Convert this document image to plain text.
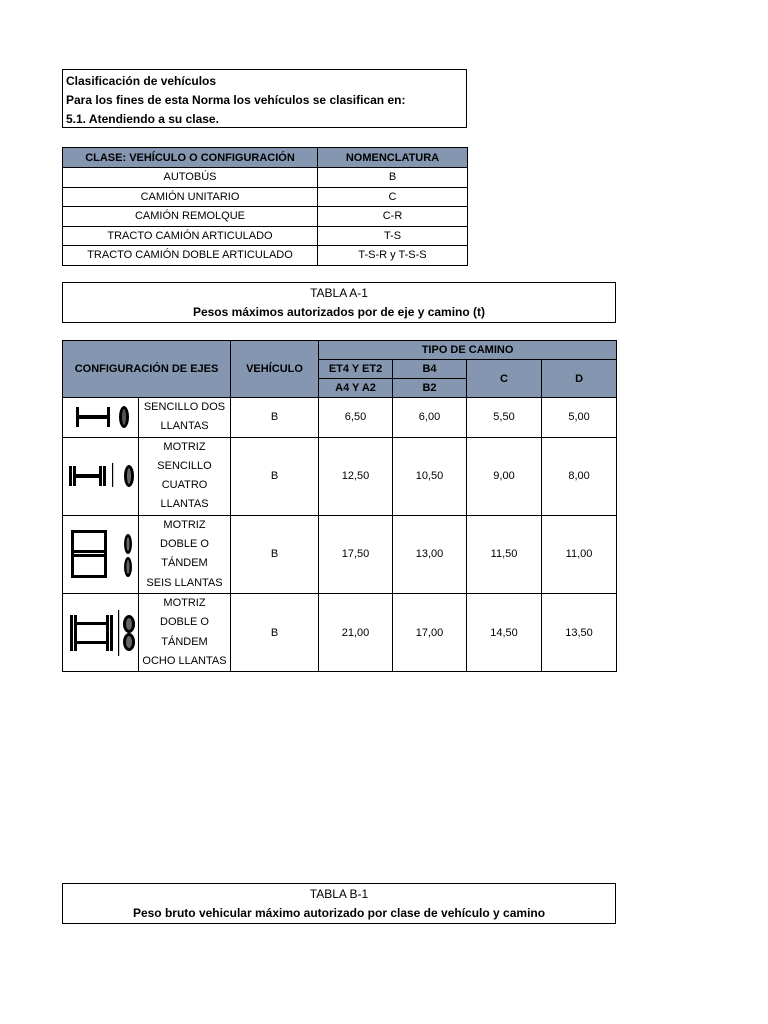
Clasificación de vehículos
Para los fines de esta Norma los vehículos se clasifican en:
5.1. Atendiendo a su clase.
CLASE: VEHÍCULO O CONFIGURACIÓN	NOMENCLATURA
AUTOBÚS	B
CAMIÓN UNITARIO	C
CAMIÓN REMOLQUE	C-R
TRACTO CAMIÓN ARTICULADO	T-S
TRACTO CAMIÓN DOBLE ARTICULADO	T-S-R y T-S-S
TABLA A-1
Pesos máximos autorizados por de eje y camino (t)
CONFIGURACIÓN DE EJES		VEHÍCULO	TIPO DE CAMINO			
			ET4 Y ET2	B4	C	D
			A4 Y A2	B2		

SENCILLO DOS
LLANTAS	B	6,50	6,00	5,50	5,00

MOTRIZ
SENCILLO
CUATRO
LLANTAS	B	12,50	10,50	9,00	8,00

MOTRIZ
DOBLE O
TÁNDEM
SEIS LLANTAS	B	17,50	13,00	11,50	11,00

MOTRIZ
DOBLE O
TÁNDEM
OCHO LLANTAS	B	21,00	17,00	14,50	13,50
TABLA B-1
Peso bruto vehicular máximo autorizado por clase de vehículo y camino
